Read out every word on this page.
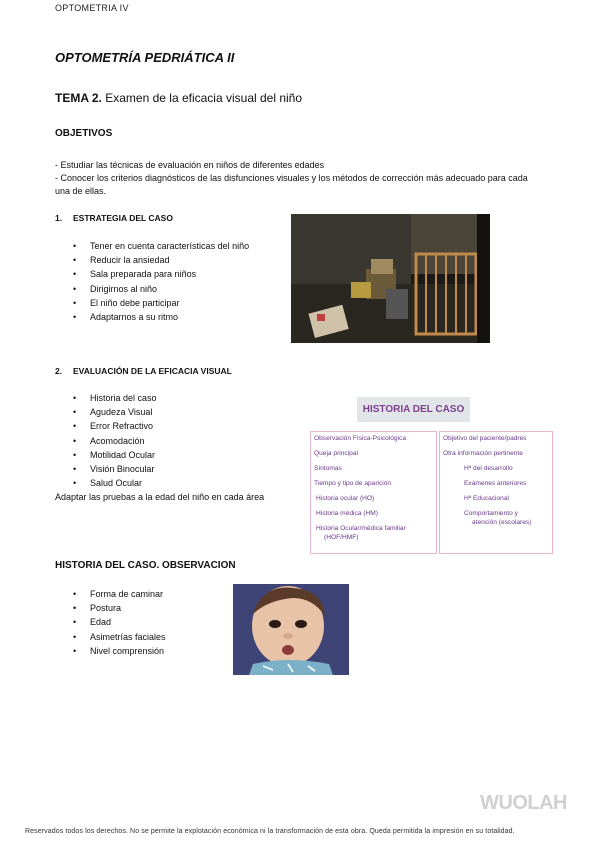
OPTOMETRIA IV
OPTOMETRÍA PEDRIÁTICA II
TEMA 2. Examen de la eficacia visual del niño
OBJETIVOS
- Estudiar las técnicas de evaluación en niños de diferentes edades
- Conocer los criterios diagnósticos de las disfunciones visuales y los métodos de corrección más adecuado para cada una de ellas.
1. ESTRATEGIA DEL CASO
• Tener en cuenta características del niño
• Reducir la ansiedad
• Sala preparada para niños
• Dirigirnos al niño
• El niño debe participar
• Adaptarnos a su ritmo
2. EVALUACIÓN DE LA EFICACIA VISUAL
• Historia del caso
• Agudeza Visual
• Error Refractivo
• Acomodación
• Motilidad Ocular
• Visión Binocular
• Salud Ocular
Adaptar las pruebas a la edad del niño en cada área
HISTORIA DEL CASO
Observación Física-Psicológica
Queja principal
Síntomas
Tiempo y tipo de aparición
Historia ocular (HO)
Historia médica (HM)
Historia Ocular/médica familiar
(HOF/HMF)
Objetivo del paciente/padres
Otra información pertinente
Hª del desarrollo
Exámenes anteriores
Hª Educacional
Comportamiento y
atención (escolares)
HISTORIA DEL CASO. OBSERVACION
• Forma de caminar
• Postura
• Edad
• Asimetrías faciales
• Nivel comprensión
WUOLAH
Reservados todos los derechos. No se permite la explotación económica ni la transformación de esta obra. Queda permitida la impresión en su totalidad.
